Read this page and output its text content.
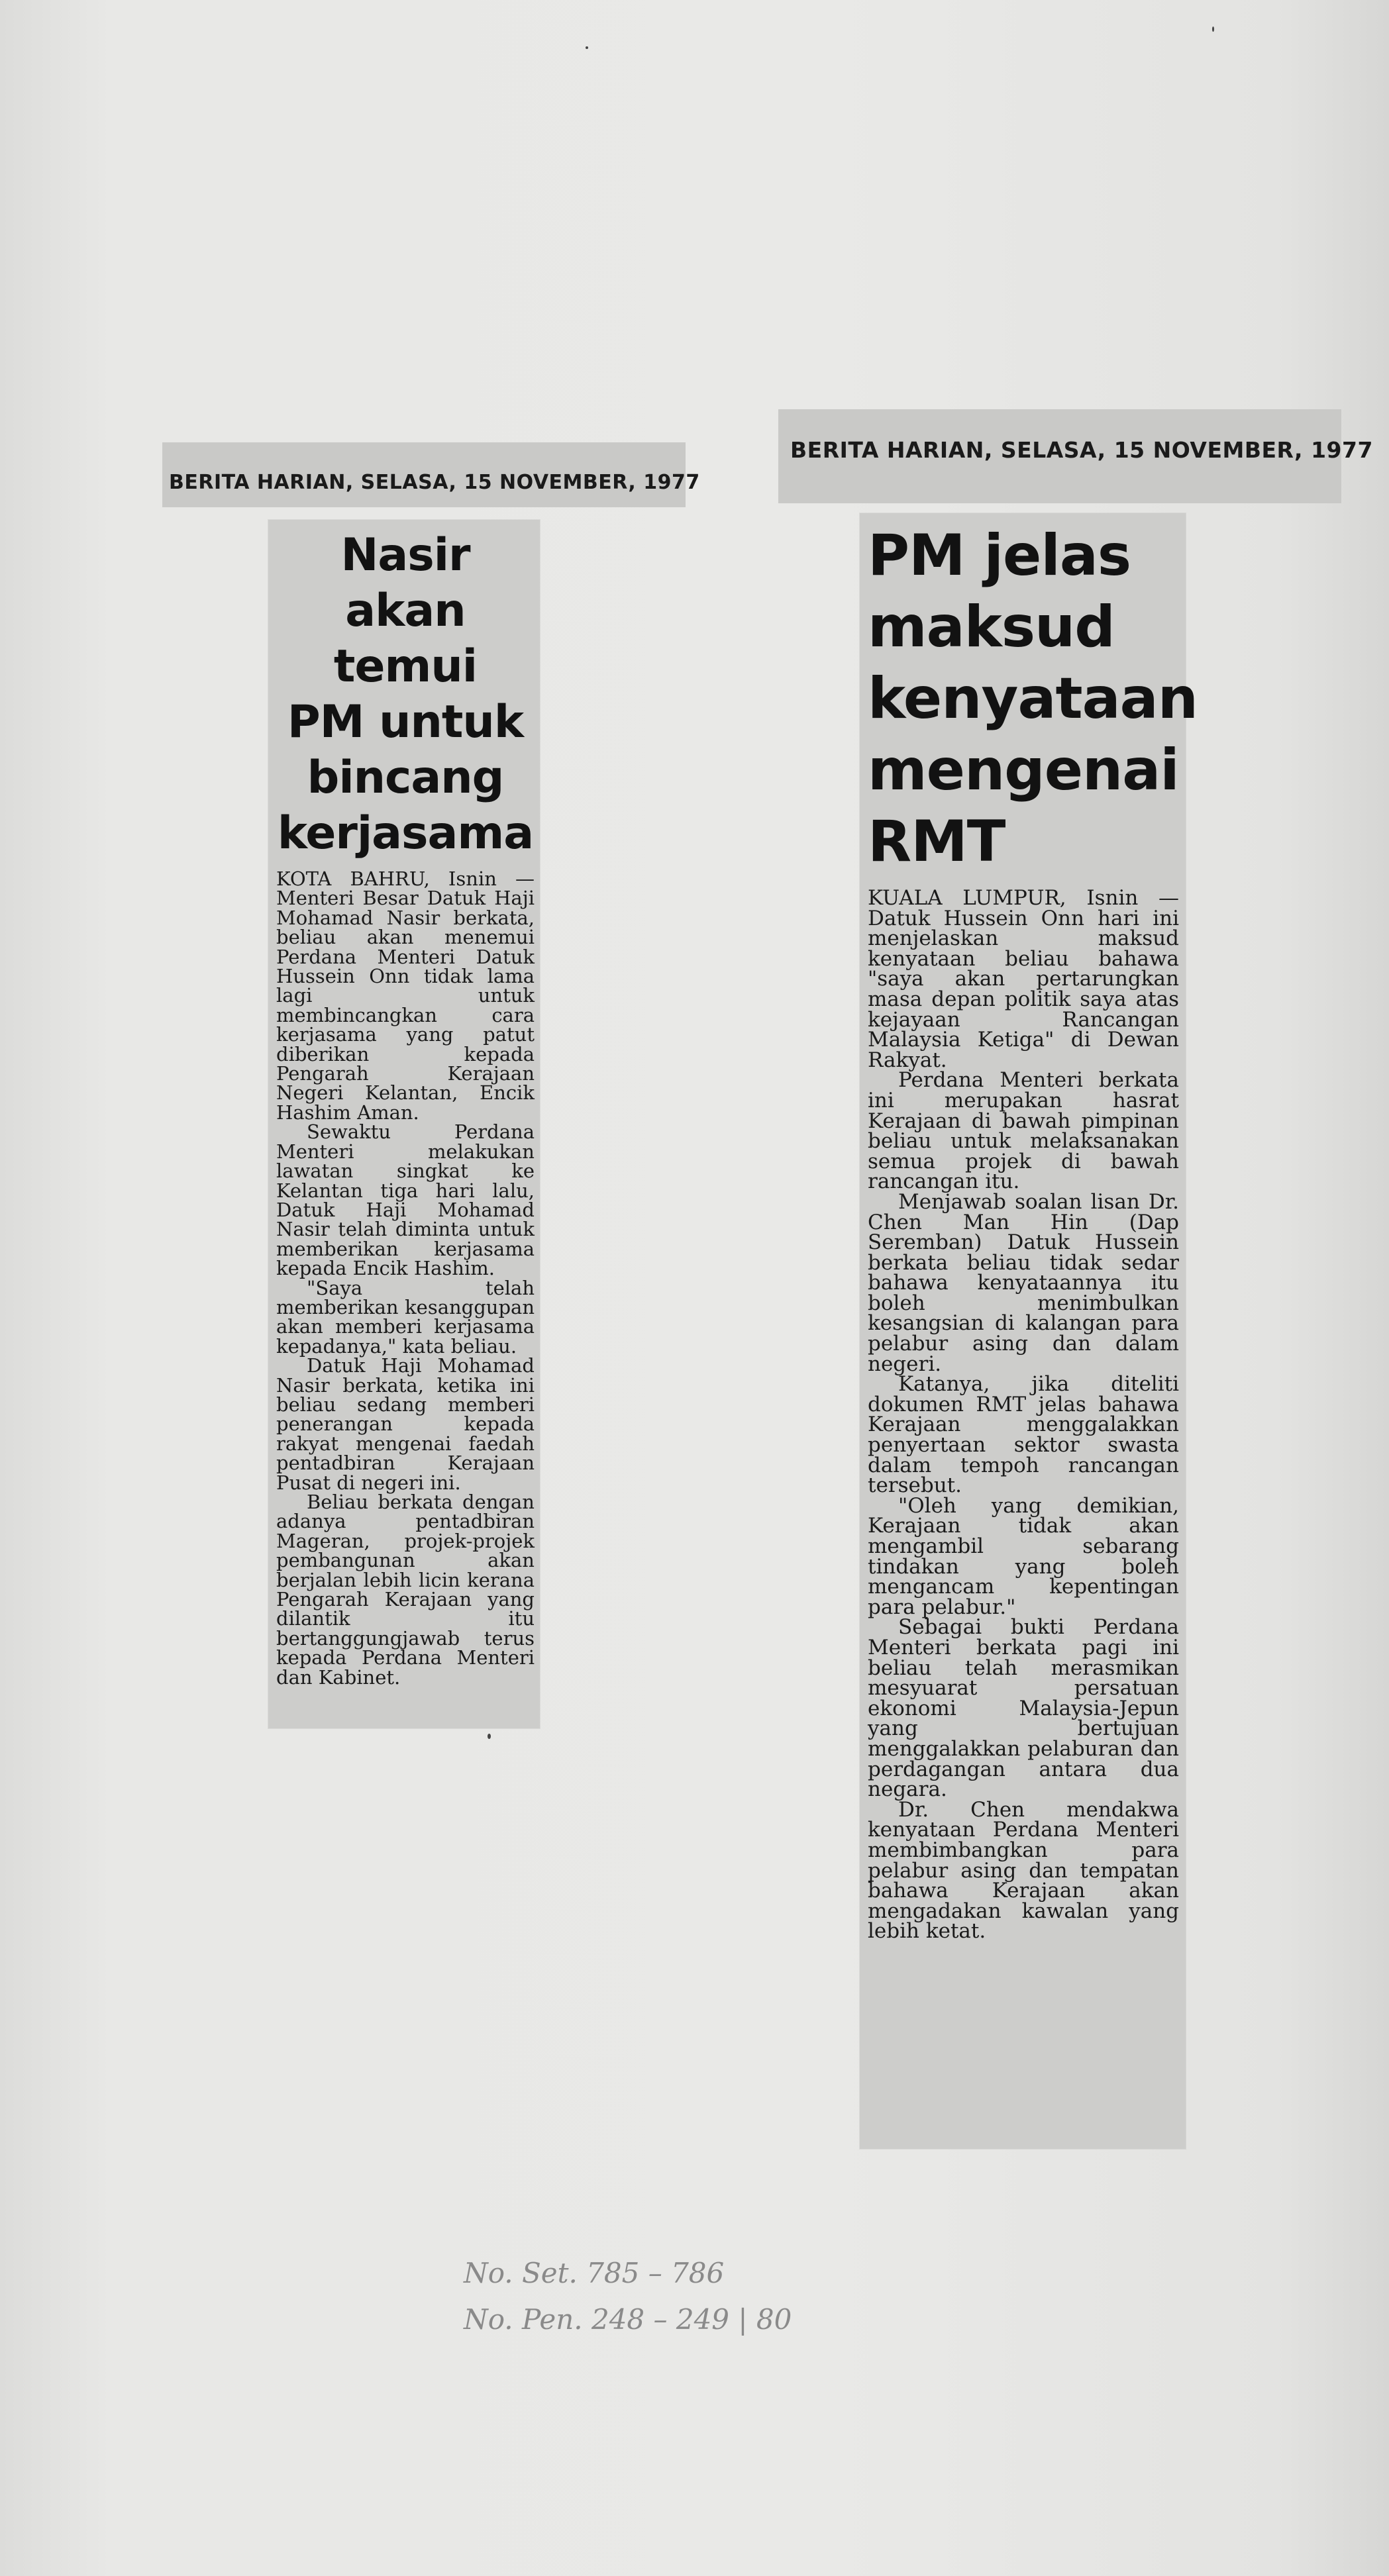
BERITA HARIAN, SELASA, 15 NOVEMBER, 1977
Nasir akan
temui
PM untuk
bincang
kerjasama

KOTA BAHRU, Isnin — Menteri Besar Datuk Haji Mohamad Nasir berkata, beliau akan menemui Perdana Menteri Datuk Hussein Onn tidak lama lagi untuk membincangkan cara kerjasama yang patut diberikan kepada Pengarah Kerajaan Negeri Kelantan, Encik Hashim Aman.

Sewaktu Perdana Menteri melakukan lawatan singkat ke Kelantan tiga hari lalu, Datuk Haji Mohamad Nasir telah diminta untuk memberikan kerjasama kepada Encik Hashim.

"Saya telah memberikan kesanggupan akan memberi kerjasama kepadanya," kata beliau.

Datuk Haji Mohamad Nasir berkata, ketika ini beliau sedang memberi penerangan kepada rakyat mengenai faedah pentadbiran Kerajaan Pusat di negeri ini.

Beliau berkata dengan adanya pentadbiran Mageran, projek-projek pembangunan akan berjalan lebih licin kerana Pengarah Kerajaan yang dilantik itu bertanggungjawab terus kepada Perdana Menteri dan Kabinet.

BERITA HARIAN, SELASA, 15 NOVEMBER, 1977
PM jelas
maksud
kenyataan
mengenai
RMT

KUALA LUMPUR, Isnin — Datuk Hussein Onn hari ini menjelaskan maksud kenyataan beliau bahawa "saya akan pertarungkan masa depan politik saya atas kejayaan Rancangan Malaysia Ketiga" di Dewan Rakyat.

Perdana Menteri berkata ini merupakan hasrat Kerajaan di bawah pimpinan beliau untuk melaksanakan semua projek di bawah rancangan itu.

Menjawab soalan lisan Dr. Chen Man Hin (Dap Seremban) Datuk Hussein berkata beliau tidak sedar bahawa kenyataannya itu boleh menimbulkan kesangsian di kalangan para pelabur asing dan dalam negeri.

Katanya, jika diteliti dokumen RMT jelas bahawa Kerajaan menggalakkan penyertaan sektor swasta dalam tempoh rancangan tersebut.

"Oleh yang demikian, Kerajaan tidak akan mengambil sebarang tindakan yang boleh mengancam kepentingan para pelabur."

Sebagai bukti Perdana Menteri berkata pagi ini beliau telah merasmikan mesyuarat persatuan ekonomi Malaysia-Jepun yang bertujuan menggalakkan pelaburan dan perdagangan antara dua negara.

Dr. Chen mendakwa kenyataan Perdana Menteri membimbangkan para pelabur asing dan tempatan bahawa Kerajaan akan mengadakan kawalan yang lebih ketat.

No. Set. 785 – 786
No. Pen. 248 – 249 | 80
